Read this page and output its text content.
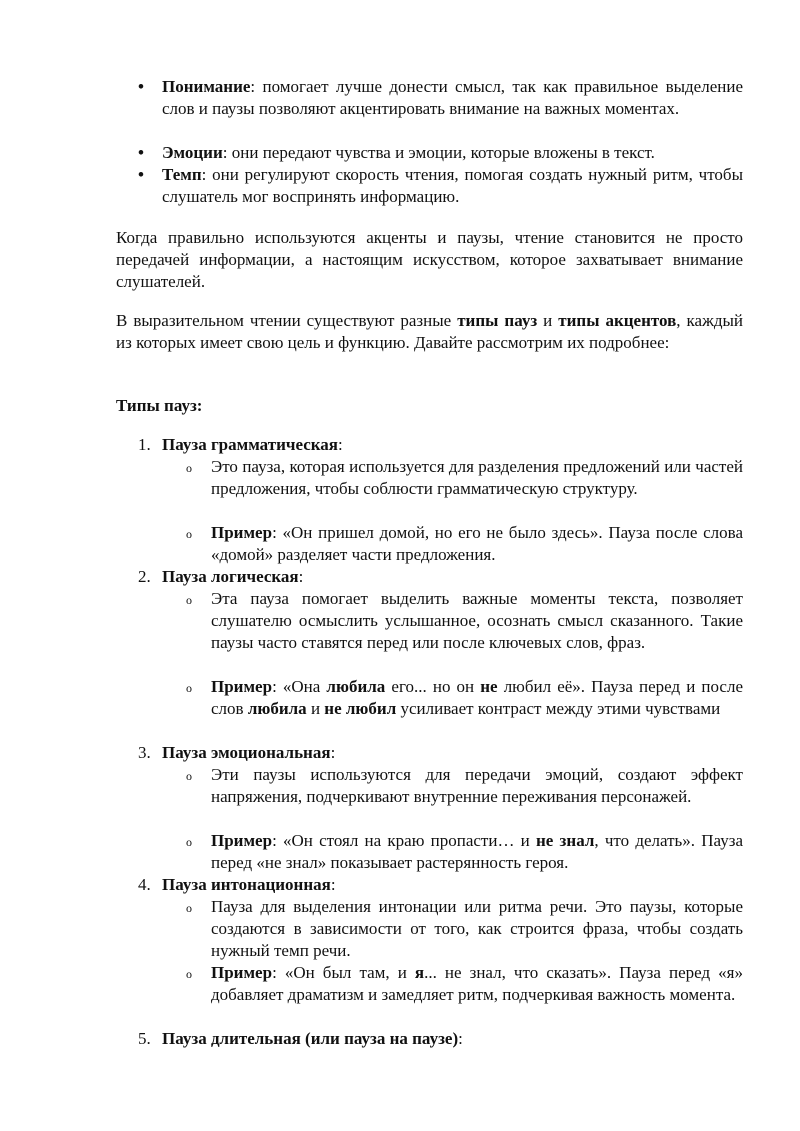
• Понимание: помогает лучше донести смысл, так как правильное выделение слов и паузы позволяют акцентировать внимание на важных моментах.
• Эмоции: они передают чувства и эмоции, которые вложены в текст.
• Темп: они регулируют скорость чтения, помогая создать нужный ритм, чтобы слушатель мог воспринять информацию.
Когда правильно используются акценты и паузы, чтение становится не просто передачей информации, а настоящим искусством, которое захватывает внимание слушателей.
В выразительном чтении существуют разные типы пауз и типы акцентов, каждый из которых имеет свою цель и функцию. Давайте рассмотрим их подробнее:
Типы пауз:
1. Пауза грамматическая:
o Это пауза, которая используется для разделения предложений или частей предложения, чтобы соблюсти грамматическую структуру.
o Пример: «Он пришел домой, но его не было здесь». Пауза после слова «домой» разделяет части предложения.
2. Пауза логическая:
o Эта пауза помогает выделить важные моменты текста, позволяет слушателю осмыслить услышанное, осознать смысл сказанного. Такие паузы часто ставятся перед или после ключевых слов, фраз.
o Пример: «Она любила его... но он не любил её». Пауза перед и после слов любила и не любил усиливает контраст между этими чувствами
3. Пауза эмоциональная:
o Эти паузы используются для передачи эмоций, создают эффект напряжения, подчеркивают внутренние переживания персонажей.
o Пример: «Он стоял на краю пропасти… и не знал, что делать». Пауза перед «не знал» показывает растерянность героя.
4. Пауза интонационная:
o Пауза для выделения интонации или ритма речи. Это паузы, которые создаются в зависимости от того, как строится фраза, чтобы создать нужный темп речи.
o Пример: «Он был там, и я... не знал, что сказать». Пауза перед «я» добавляет драматизм и замедляет ритм, подчеркивая важность момента.
5. Пауза длительная (или пауза на паузе):
